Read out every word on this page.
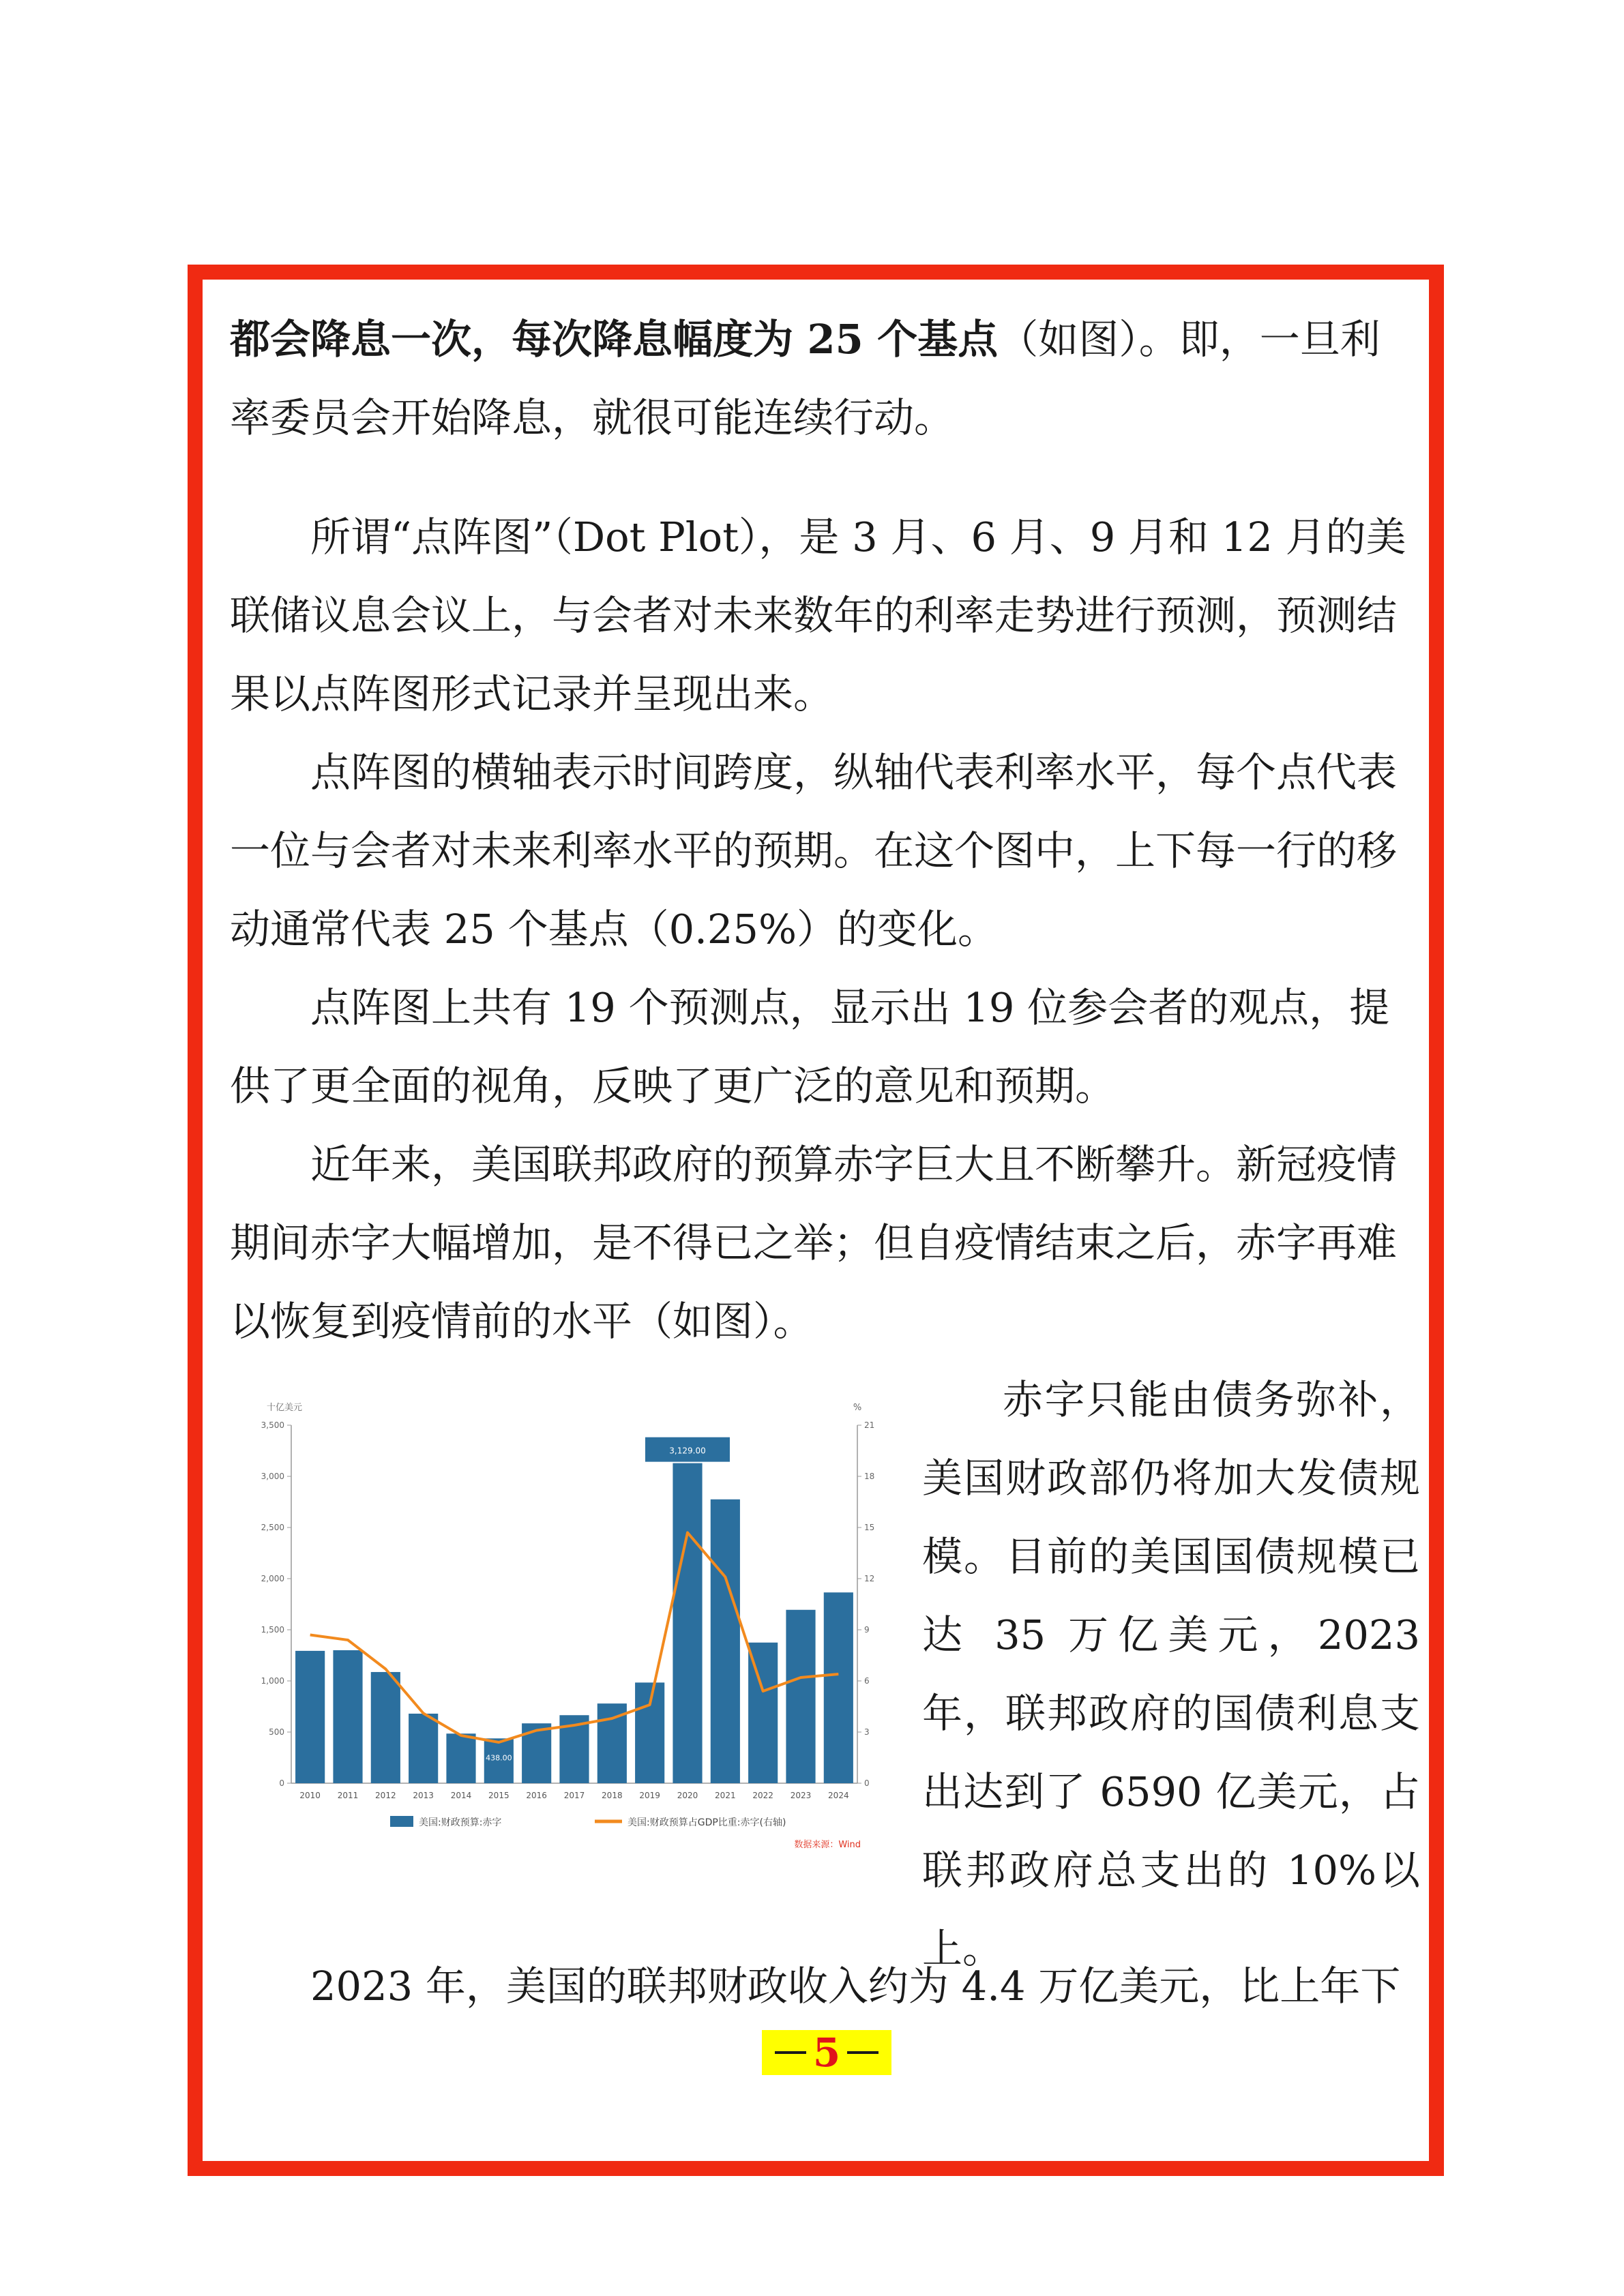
都会降息一次，每次降息幅度为 25 个基点（如图）。即，一旦利率委员会开始降息，就很可能连续行动。

所谓“点阵图”（Dot Plot），是 3 月、6 月、9 月和 12 月的美联储议息会议上，与会者对未来数年的利率走势进行预测，预测结果以点阵图形式记录并呈现出来。

点阵图的横轴表示时间跨度，纵轴代表利率水平，每个点代表一位与会者对未来利率水平的预期。在这个图中，上下每一行的移动通常代表 25 个基点（0.25%）的变化。

点阵图上共有 19 个预测点，显示出 19 位参会者的观点，提供了更全面的视角，反映了更广泛的意见和预期。

近年来，美国联邦政府的预算赤字巨大且不断攀升。新冠疫情期间赤字大幅增加，是不得已之举；但自疫情结束之后，赤字再难以恢复到疫情前的水平（如图）。

十亿美元	%
0
500
1,000
1,500
2,000
2,500
3,000
3,500
0
3
6
9
12
15
18
21
2010 2011 2012 2013 2014 2015 2016 2017 2018 2019 2020 2021 2022 2023 2024
3,129.00
438.00
美国:财政预算:赤字	美国:财政预算占GDP比重:赤字(右轴)
数据来源：Wind

赤字只能由债务弥补，美国财政部仍将加大发债规模。目前的美国国债规模已达 35 万亿美元，2023 年，联邦政府的国债利息支出达到了 6590 亿美元，占联邦政府总支出的 10%以上。

2023 年，美国的联邦财政收入约为 4.4 万亿美元，比上年下

5
